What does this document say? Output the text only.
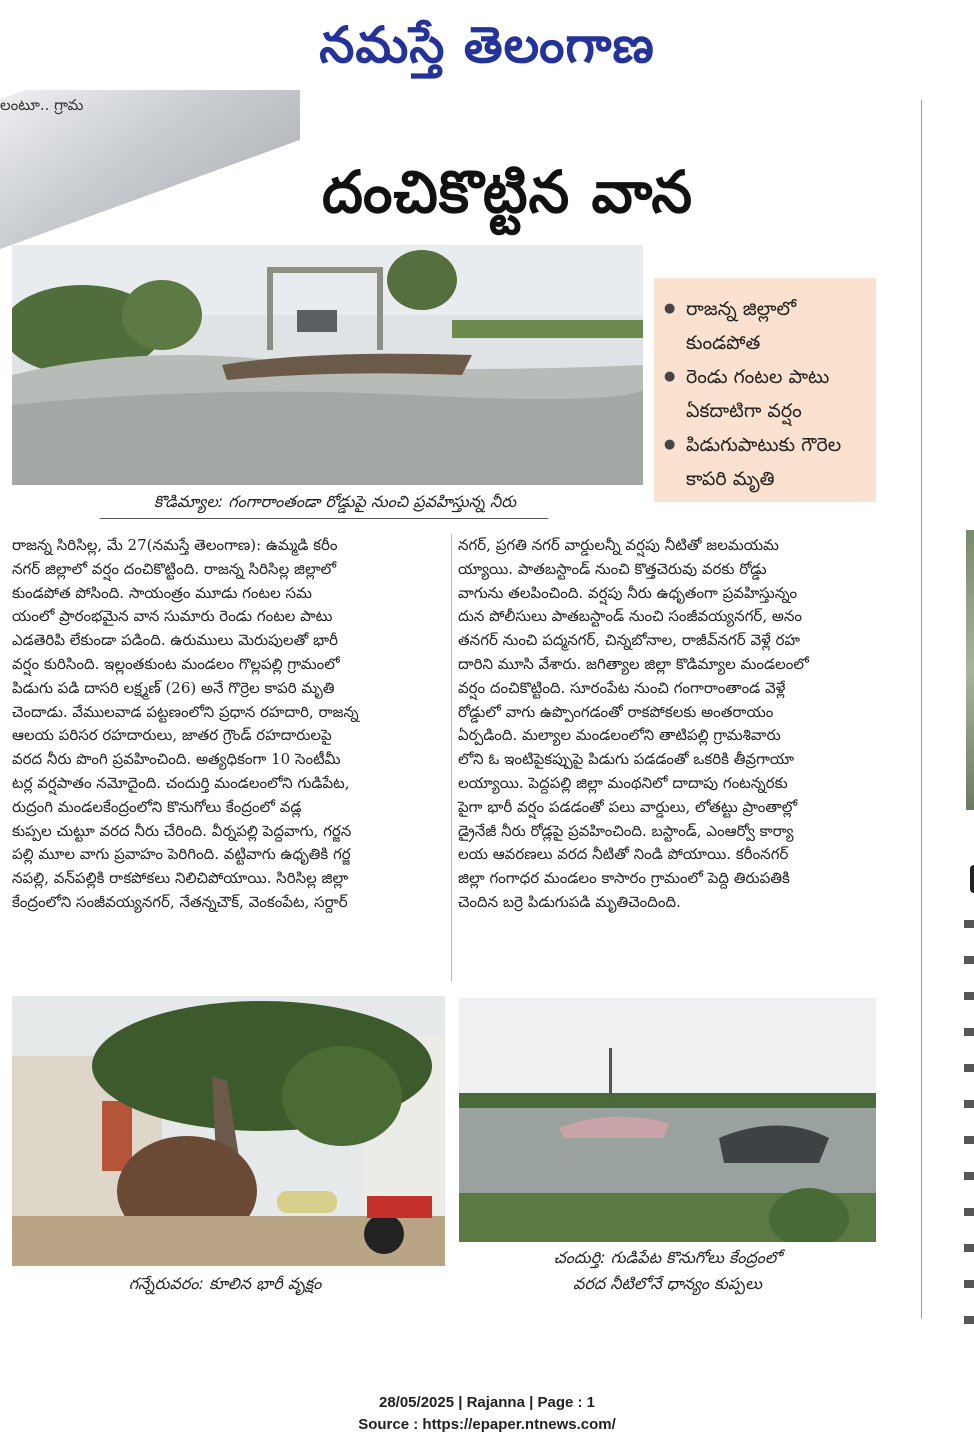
నమస్తే తెలంగాణ
లంటూ.. గ్రామ
దంచికొట్టిన వాన
కొడిమ్యాల: గంగారాంతండా రోడ్డుపై నుంచి ప్రవహిస్తున్న నీరు
● రాజన్న జిల్లాలో కుండపోత
● రెండు గంటల పాటు ఏకదాటిగా వర్షం
● పిడుగుపాటుకు గౌరెల కాపరి మృతి
రాజన్న సిరిసిల్ల, మే 27(నమస్తే తెలంగాణ): ఉమ్మడి కరీం
నగర్ జిల్లాలో వర్షం దంచికొట్టింది. రాజన్న సిరిసిల్ల జిల్లాలో
కుండపోత పోసింది. సాయంత్రం మూడు గంటల సమ
యంలో ప్రారంభమైన వాన సుమారు రెండు గంటల పాటు
ఎడతెరిపి లేకుండా పడింది. ఉరుములు మెరుపులతో భారీ
వర్షం కురిసింది. ఇల్లంతకుంట మండలం గొల్లపల్లి గ్రామంలో
పిడుగు పడి దాసరి లక్ష్మణ్ (26) అనే గొర్రెల కాపరి మృతి
చెందాడు. వేములవాడ పట్టణంలోని ప్రధాన రహదారి, రాజన్న
ఆలయ పరిసర రహదారులు, జాతర గ్రౌండ్ రహదారులపై
వరద నీరు పొంగి ప్రవహించింది. అత్యధికంగా 10 సెంటీమీ
టర్ల వర్షపాతం నమోదైంది. చందుర్తి మండలంలోని గుడిపేట,
రుద్రంగి మండలకేంద్రంలోని కొనుగోలు కేంద్రంలో వడ్ల
కుప్పల చుట్టూ వరద నీరు చేరింది. వీర్నపల్లి పెద్దవాగు, గర్జన
పల్లి మూల వాగు ప్రవాహం పెరిగింది. వట్టివాగు ఉధృతికి గర్జ
నపల్లి, వన్‌పల్లికి రాకపోకలు నిలిచిపోయాయి. సిరిసిల్ల జిల్లా
కేంద్రంలోని సంజీవయ్యనగర్, నేతన్నచౌక్, వెంకంపేట, సర్దార్
నగర్, ప్రగతి నగర్ వార్డులన్నీ వర్షపు నీటితో జలమయమ
య్యాయి. పాతబస్టాండ్ నుంచి కొత్తచెరువు వరకు రోడ్డు
వాగును తలపించింది. వర్షపు నీరు ఉధృతంగా ప్రవహిస్తున్నం
దున పోలీసులు పాతబస్టాండ్ నుంచి సంజీవయ్యనగర్, అనం
తనగర్ నుంచి పద్మనగర్, చిన్నబోనాల, రాజీవ్‌నగర్ వెళ్లే రహ
దారిని మూసి వేశారు. జగిత్యాల జిల్లా కొడిమ్యాల మండలంలో
వర్షం దంచికొట్టింది. సూరంపేట నుంచి గంగారాంతాండ వెళ్లే
రోడ్డులో వాగు ఉప్పొంగడంతో రాకపోకలకు అంతరాయం
ఏర్పడింది. మల్యాల మండలంలోని తాటిపల్లి గ్రామశివారు
లోని ఓ ఇంటిపైకప్పుపై పిడుగు పడడంతో ఒకరికి తీవ్రగాయా
లయ్యాయి. పెద్దపల్లి జిల్లా మంథనిలో దాదాపు గంటన్నరకు
పైగా భారీ వర్షం పడడంతో పలు వార్డులు, లోతట్టు ప్రాంతాల్లో
డ్రైనేజీ నీరు రోడ్లపై ప్రవహించింది. బస్టాండ్, ఎంఆర్వో కార్యా
లయ ఆవరణలు వరద నీటితో నిండి పోయాయి. కరీంనగర్
జిల్లా గంగాధర మండలం కాసారం గ్రామంలో పెద్ది తిరుపతికి
చెందిన బర్రె పిడుగుపడి మృతిచెందింది.
గన్నేరువరం: కూలిన భారీ వృక్షం
చందుర్తి: గుడిపేట కొనుగోలు కేంద్రంలో
వరద నీటిలోనే ధాన్యం కుప్పలు
28/05/2025 | Rajanna | Page : 1
Source : https://epaper.ntnews.com/
